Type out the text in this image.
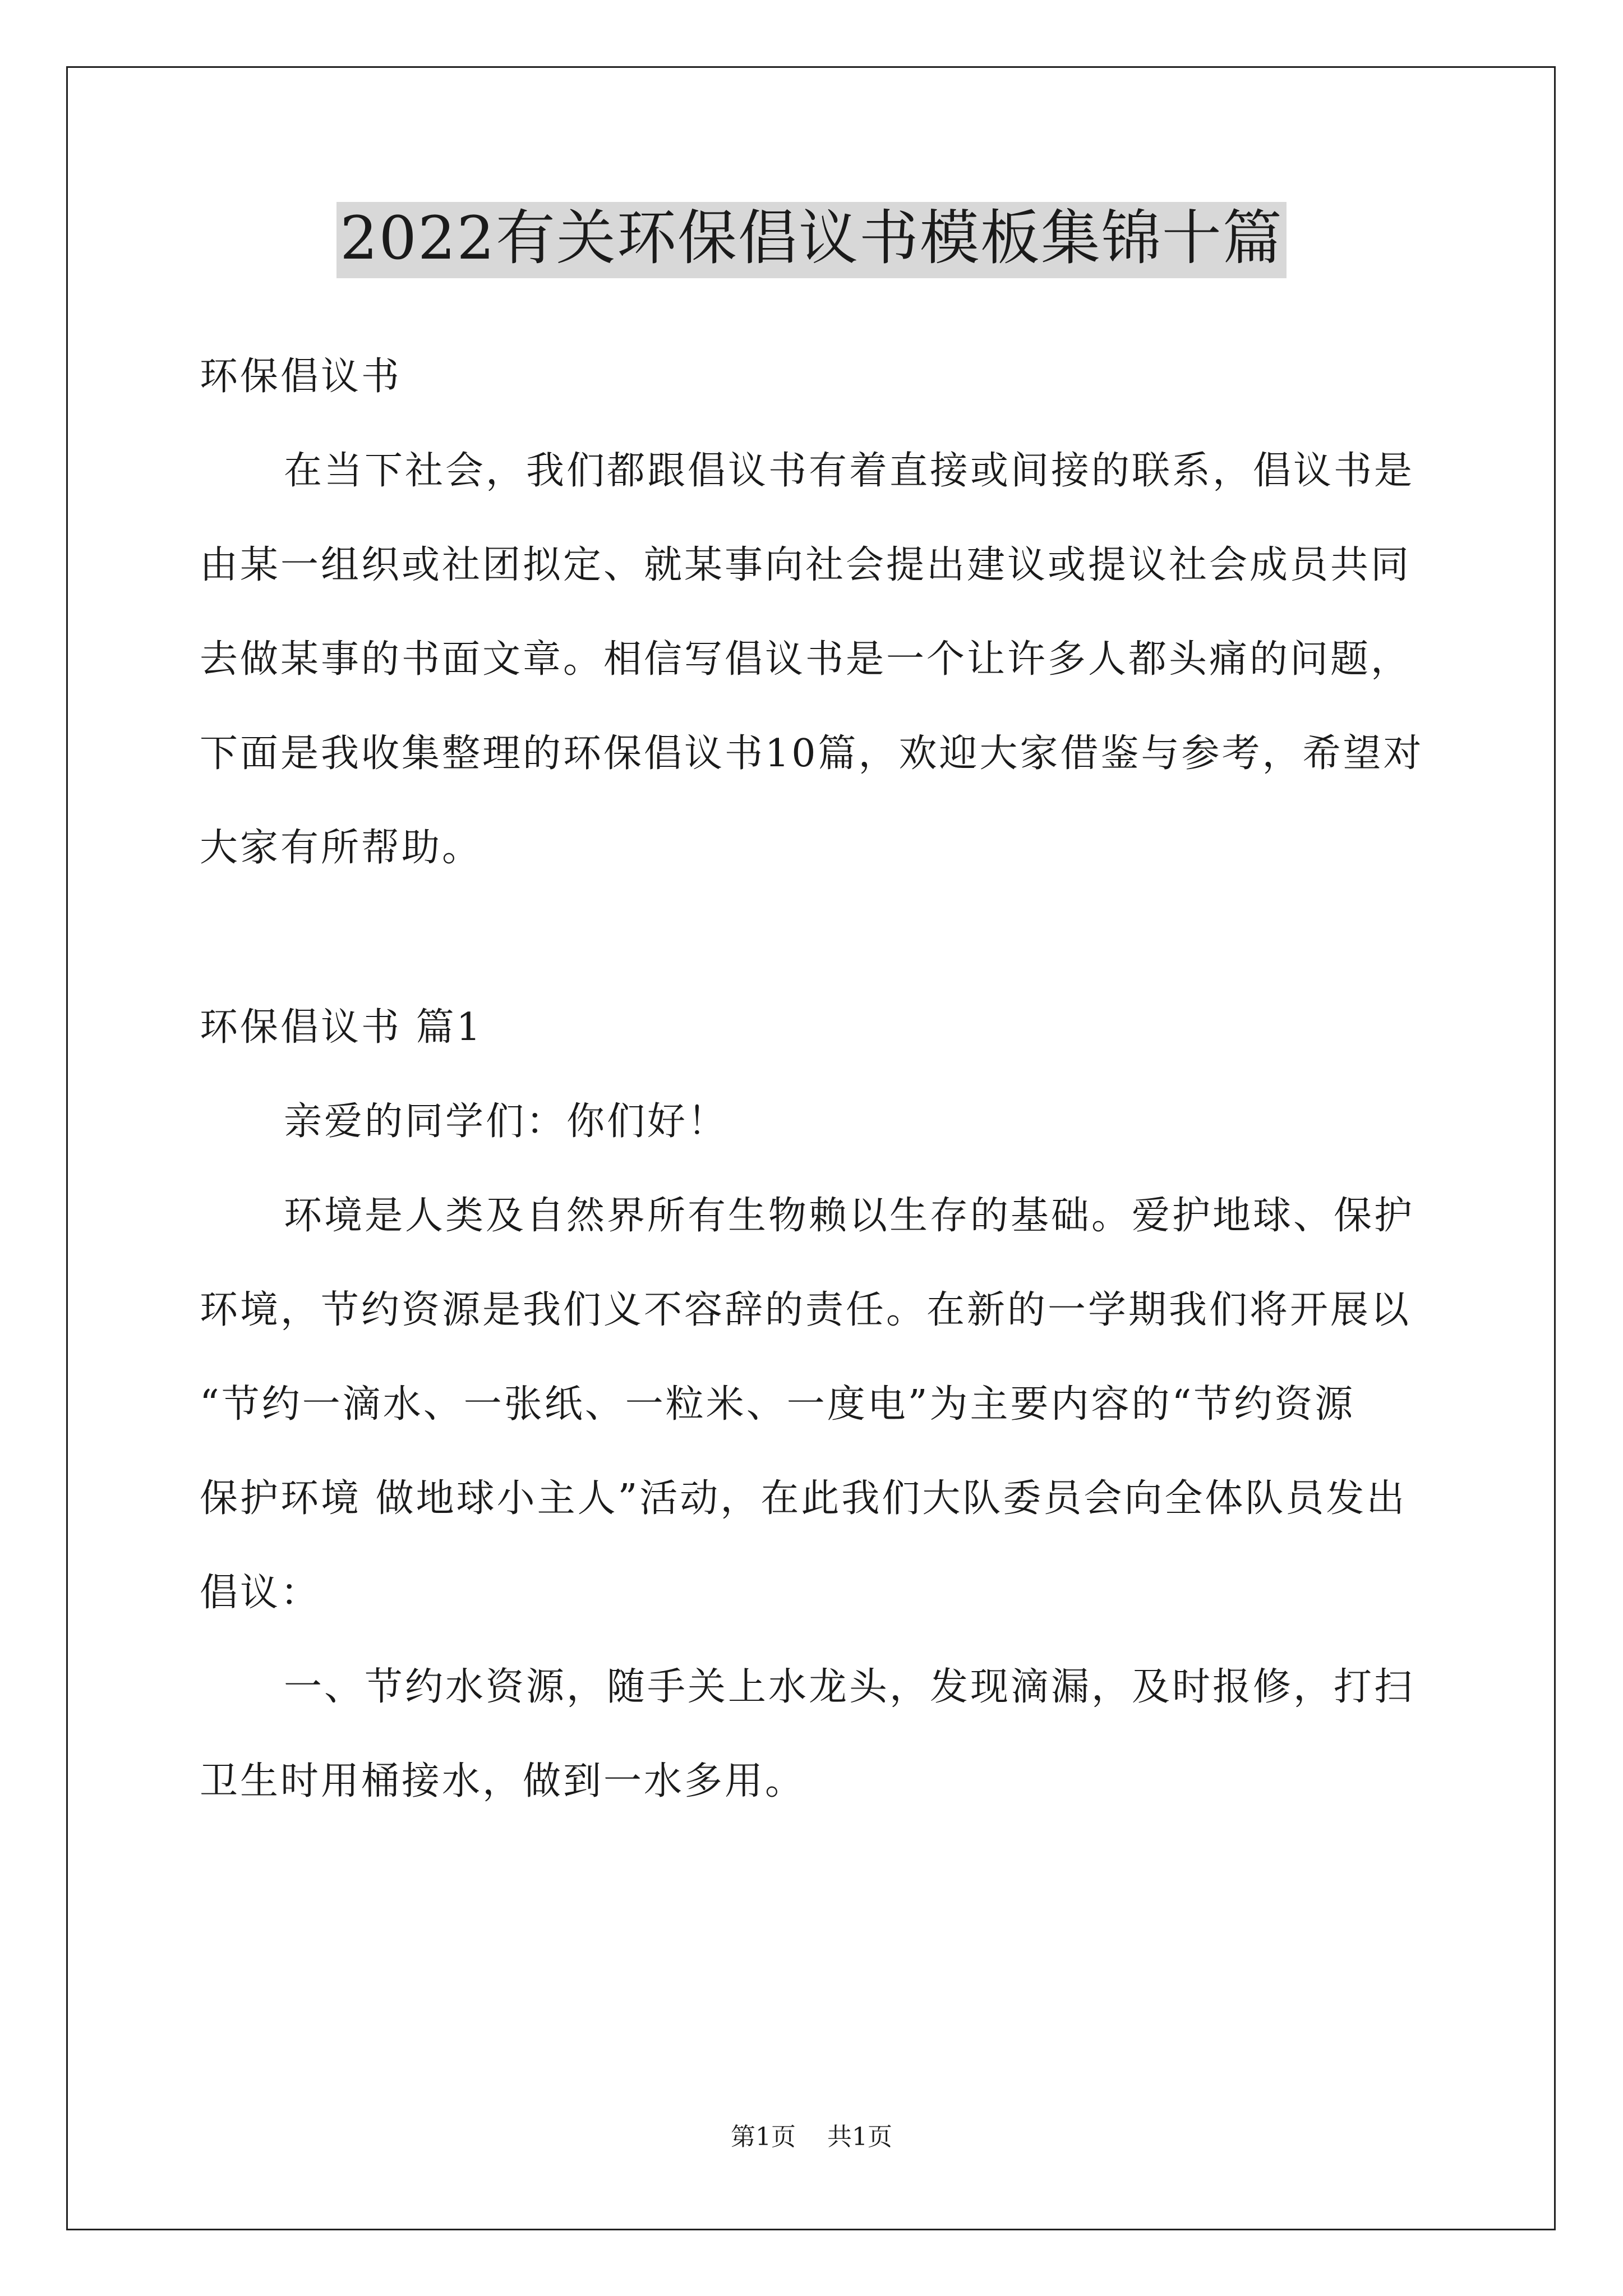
2022有关环保倡议书模板集锦十篇
环保倡议书
在当下社会，我们都跟倡议书有着直接或间接的联系，倡议书是
由某一组织或社团拟定、就某事向社会提出建议或提议社会成员共同
去做某事的书面文章。相信写倡议书是一个让许多人都头痛的问题，
下面是我收集整理的环保倡议书10篇，欢迎大家借鉴与参考，希望对
大家有所帮助。
环保倡议书 篇1
亲爱的同学们：你们好！
环境是人类及自然界所有生物赖以生存的基础。爱护地球、保护
环境，节约资源是我们义不容辞的责任。在新的一学期我们将开展以
“节约一滴水、一张纸、一粒米、一度电”为主要内容的“节约资源
保护环境 做地球小主人”活动，在此我们大队委员会向全体队员发出
倡议：
一、节约水资源，随手关上水龙头，发现滴漏，及时报修，打扫
卫生时用桶接水，做到一水多用。
第1页 共1页
